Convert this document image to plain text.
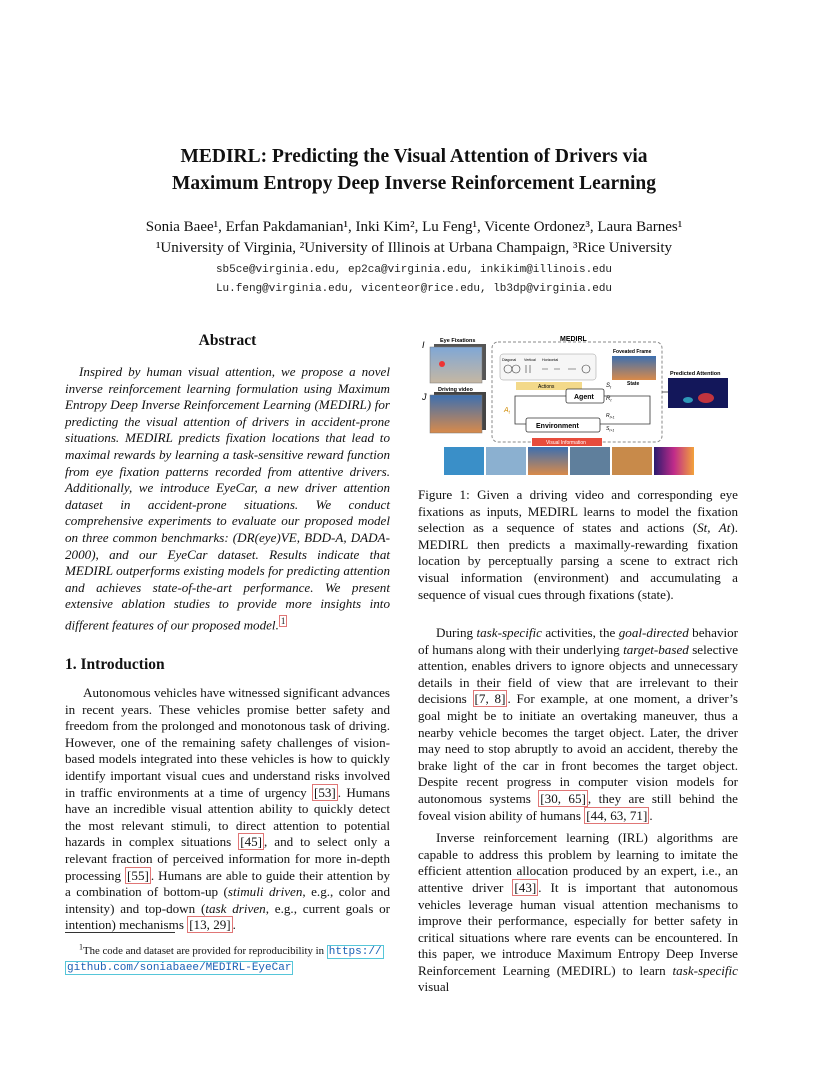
MEDIRL: Predicting the Visual Attention of Drivers via
Maximum Entropy Deep Inverse Reinforcement Learning
Sonia Baee¹, Erfan Pakdamanian¹, Inki Kim², Lu Feng¹, Vicente Ordonez³, Laura Barnes¹
¹University of Virginia, ²University of Illinois at Urbana Champaign, ³Rice University
sb5ce@virginia.edu, ep2ca@virginia.edu, inkikim@illinois.edu
Lu.feng@virginia.edu, vicenteor@rice.edu, lb3dp@virginia.edu
Abstract
Inspired by human visual attention, we propose a novel inverse reinforcement learning formulation using Maximum Entropy Deep Inverse Reinforcement Learning (MEDIRL) for predicting the visual attention of drivers in accident-prone situations. MEDIRL predicts fixation locations that lead to maximal rewards by learning a task-sensitive reward function from eye fixation patterns recorded from attentive drivers. Additionally, we introduce EyeCar, a new driver attention dataset in accident-prone situations. We conduct comprehensive experiments to evaluate our proposed model on three common benchmarks: (DR(eye)VE, BDD-A, DADA-2000), and our EyeCar dataset. Results indicate that MEDIRL outperforms existing models for predicting attention and achieves state-of-the-art performance. We present extensive ablation studies to provide more insights into different features of our proposed model. $^1$
1. Introduction

Autonomous vehicles have witnessed significant advances in recent years. These vehicles promise better safety and freedom from the prolonged and monotonous task of driving. However, one of the remaining safety challenges of vision-based models integrated into these vehicles is how to quickly identify important visual cues and understand risks involved in traffic environments at a time of urgency [53] . Humans have an incredible visual attention ability to quickly detect the most relevant stimuli, to direct attention to potential hazards in complex situations [45] , and to select only a relevant fraction of perceived information for more in-depth processing [55] . Humans are able to guide their attention by a combination of bottom-up (stimuli driven, e.g., color and intensity) and top-down (task driven, e.g., current goals or intention) mechanisms [13, 29] .

$^1$The code and dataset are provided for reproducibility in https://
github.com/soniabaee/MEDIRL-EyeCar
I
J
Eye Fixations
Driving video
MEDIRL
Foveated Frame
Diagonal Vertical Horizontal
Actions
Agent
Environment
$A_t$
$S_t$
$R_t$
$R_{t+1}$
$S_{t+1}$
State
Predicted Attention
Visual Information
Figure 1: Given a driving video and corresponding eye fixations as inputs, MEDIRL learns to model the fixation selection as a sequence of states and actions (St, At). MEDIRL then predicts a maximally-rewarding fixation location by perceptually parsing a scene to extract rich visual information (environment) and accumulating a sequence of visual cues through fixations (state).

During task-specific activities, the goal-directed behavior of humans along with their underlying target-based selective attention, enables drivers to ignore objects and unnecessary details in their field of view that are irrelevant to their decisions [7, 8] . For example, at one moment, a driver’s goal might be to initiate an overtaking maneuver, thus a nearby vehicle becomes the target object. Later, the driver may need to stop abruptly to avoid an accident, thereby the brake light of the car in front becomes the target object. Despite recent progress in computer vision models for autonomous systems [30, 65] , they are still behind the foveal vision ability of humans [44, 63, 71] .

Inverse reinforcement learning (IRL) algorithms are capable to address this problem by learning to imitate the efficient attention allocation produced by an expert, i.e., an attentive driver [43] . It is important that autonomous vehicles leverage human visual attention mechanisms to improve their performance, especially for better safety in critical situations where rare events can be encountered. In this paper, we introduce Maximum Entropy Deep Inverse Reinforcement Learning (MEDIRL) to learn task-specific visual
